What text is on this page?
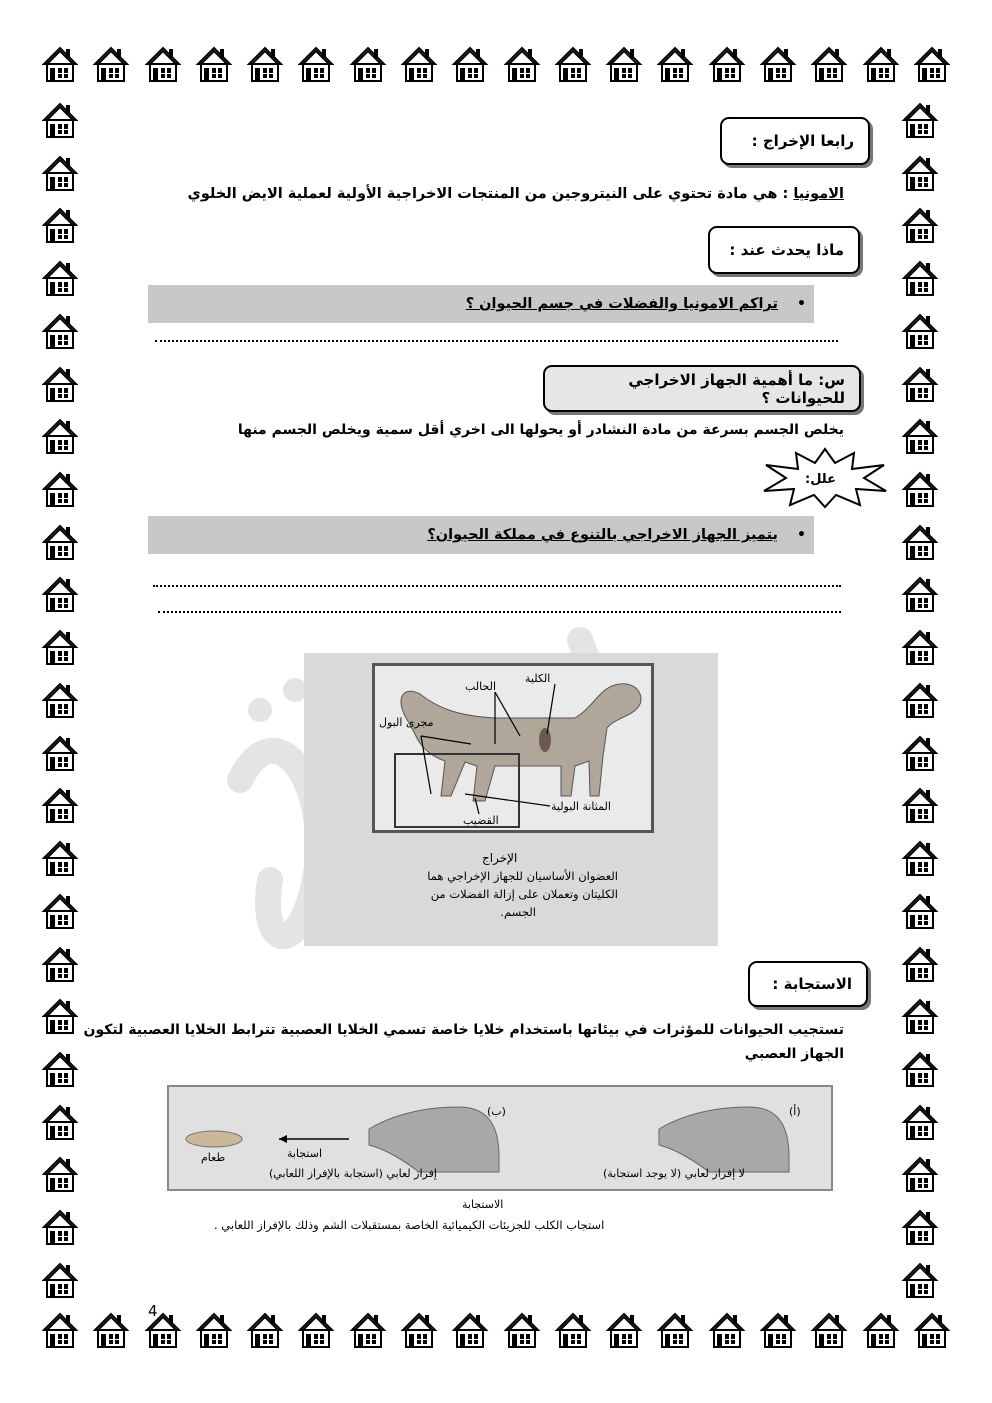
رابعا الإخراج :
الامونيا : هي مادة تحتوي على النيتروجين من المنتجات الاخراجية الأولية لعملية الايض الخلوي
ماذا يحدث عند :
•
تراكم الامونيا والفضلات في جسم الحيوان ؟
س: ما أهمية الجهاز الاخراجي للحيوانات ؟
يخلص الجسم بسرعة من مادة النشادر أو يحولها الى اخري أقل سمية ويخلص الجسم منها
علل:
•
يتميز الجهاز الاخراجي بالتنوع في مملكة الحيوان؟
الكلية
الحالب
مجرى البول
المثانة البولية
القضيب
الإخراج
العضوان الأساسيان للجهاز الإخراجي هما
الكليتان وتعملان على إزالة الفضلات من
الجسم.
الاستجابة :
تستجيب الحيوانات للمؤثرات في بيئاتها باستخدام خلايا خاصة تسمي الخلايا العصبية تترابط الخلايا العصبية لتكون
الجهاز العصبي
(ب)	(أ)
طعام	استجابة
إفراز لعابي (استجابة بالإفراز اللعابي)	لا إفراز لعابي (لا يوجد استجابة)
الاستجابة
استجاب الكلب للجزيئات الكيميائية الخاصة بمستقبلات الشم وذلك بالإفراز اللعابي .
4
